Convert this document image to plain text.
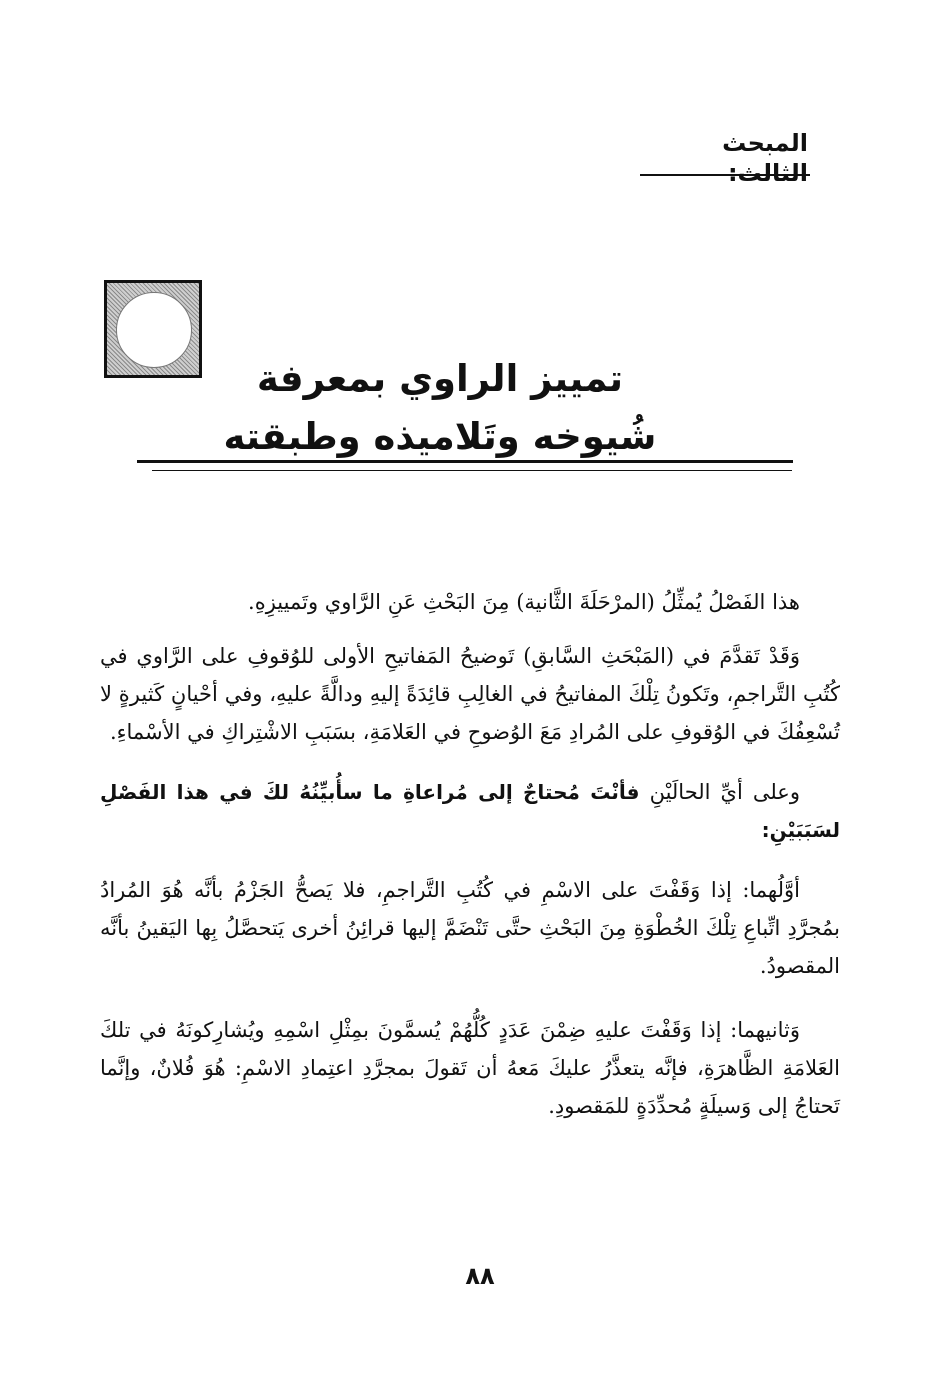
المبحث الثالث:
تمييز الراوي بمعرفة
شُيوخه وتَلاميذه وطبقته

هذا الفَصْلُ يُمثِّلُ (المرْحَلَةَ الثَّانية) مِنَ البَحْثِ عَنِ الرَّاوي وتَمييزِهِ.

وَقَدْ تَقدَّمَ في (المَبْحَثِ السَّابقِ) تَوضيحُ المَفاتيحِ الأولى للوُقوفِ على الرَّاوي في كُتُبِ التَّراجمِ، وتَكونُ تِلْكَ المفاتيحُ في الغالِبِ قائِدَةً إليهِ ودالَّةً عليهِ، وفي أحْيانٍ كَثيرةٍ لا تُسْعِفُكَ في الوُقوفِ على المُرادِ مَعَ الوُضوحِ في العَلامَةِ، بسَبَبِ الاشْتِراكِ في الأسْماءِ.

وعلى أيِّ الحالَيْنِ فأنْتَ مُحتاجٌ إلى مُراعاةِ ما سأُبيِّنُهُ لكَ في هذا الفَصْلِ لسَبَبَيْنِ:

أوَّلُهما: إذا وَقَفْتَ على الاسْمِ في كُتُبِ التَّراجمِ، فلا يَصحُّ الجَزْمُ بأنَّه هُوَ المُرادُ بمُجرَّدِ اتِّباعِ تِلْكَ الخُطْوَةِ مِنَ البَحْثِ حتَّى تَنْضَمَّ إليها قرائِنُ أخرى يَتحصَّلُ بِها اليَقينُ بأنَّه المقصودُ.

وَثانيهما: إذا وَقَفْتَ عليهِ ضِمْنَ عَدَدٍ كُلُّهُمْ يُسمَّونَ بمِثْلِ اسْمِهِ ويُشارِكونَهُ في تلكَ العَلامَةِ الظَّاهرَةِ، فإنَّه يتعذَّرُ عليكَ مَعهُ أن تَقولَ بمجرَّدِ اعتِمادِ الاسْمِ: هُوَ فُلانٌ، وإنَّما تَحتاجُ إلى وَسيلَةٍ مُحدِّدَةٍ للمَقصودِ.

٨٨
